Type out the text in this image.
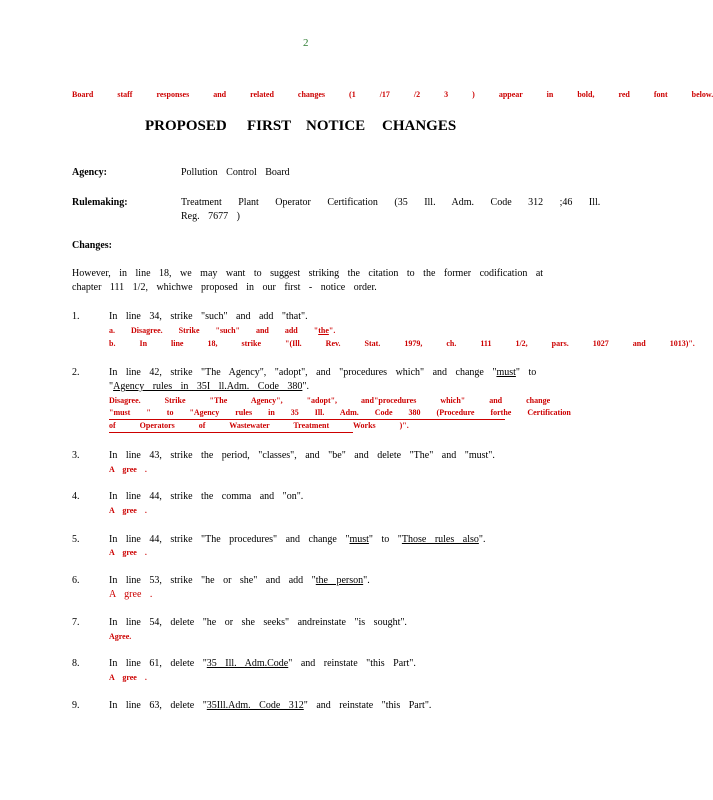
2
Board staff responses and related changes (1 /17 /2 3 ) appear in bold, red font below.
PROPOSED FIRST NOTICE CHANGES
Agency:	Pollution Control Board
Rulemaking:	Treatment Plant Operator Certification (35 Ill. Adm. Code 312 ;46 Ill.
Reg. 7677 )
Changes:
However, in line 18, we may want to suggest striking the citation to the former codification at
chapter 111 1/2, whichwe proposed in our first - notice order.
1.	In line 34, strike "such" and add "that".
a. Disagree. Strike "such" and add "the".
b. In line 18, strike "(Ill. Rev. Stat. 1979, ch. 111 1/2, pars. 1027 and 1013)".
2.	In line 42, strike "The Agency", "adopt", and "procedures which" and change "must" to
"Agency rules in 35I ll.Adm. Code 380".
Disagree. Strike "The Agency", "adopt", and"procedures which" and change
"must " to "Agency rules in 35 Ill. Adm. Code 380 (Procedure forthe Certification
of Operators of Wastewater Treatment Works )".
3.	In line 43, strike the period, "classes", and "be" and delete "The" and "must".
A gree .
4.	In line 44, strike the comma and "on".
A gree .
5.	In line 44, strike "The procedures" and change "must" to "Those rules also".
A gree .
6.	In line 53, strike "he or she" and add "the person".
A gree .
7.	In line 54, delete "he or she seeks" andreinstate "is sought".
Agree.
8.	In line 61, delete "35 Ill. Adm.Code" and reinstate "this Part".
A gree .
9.	In line 63, delete "35Ill.Adm. Code 312" and reinstate "this Part".
